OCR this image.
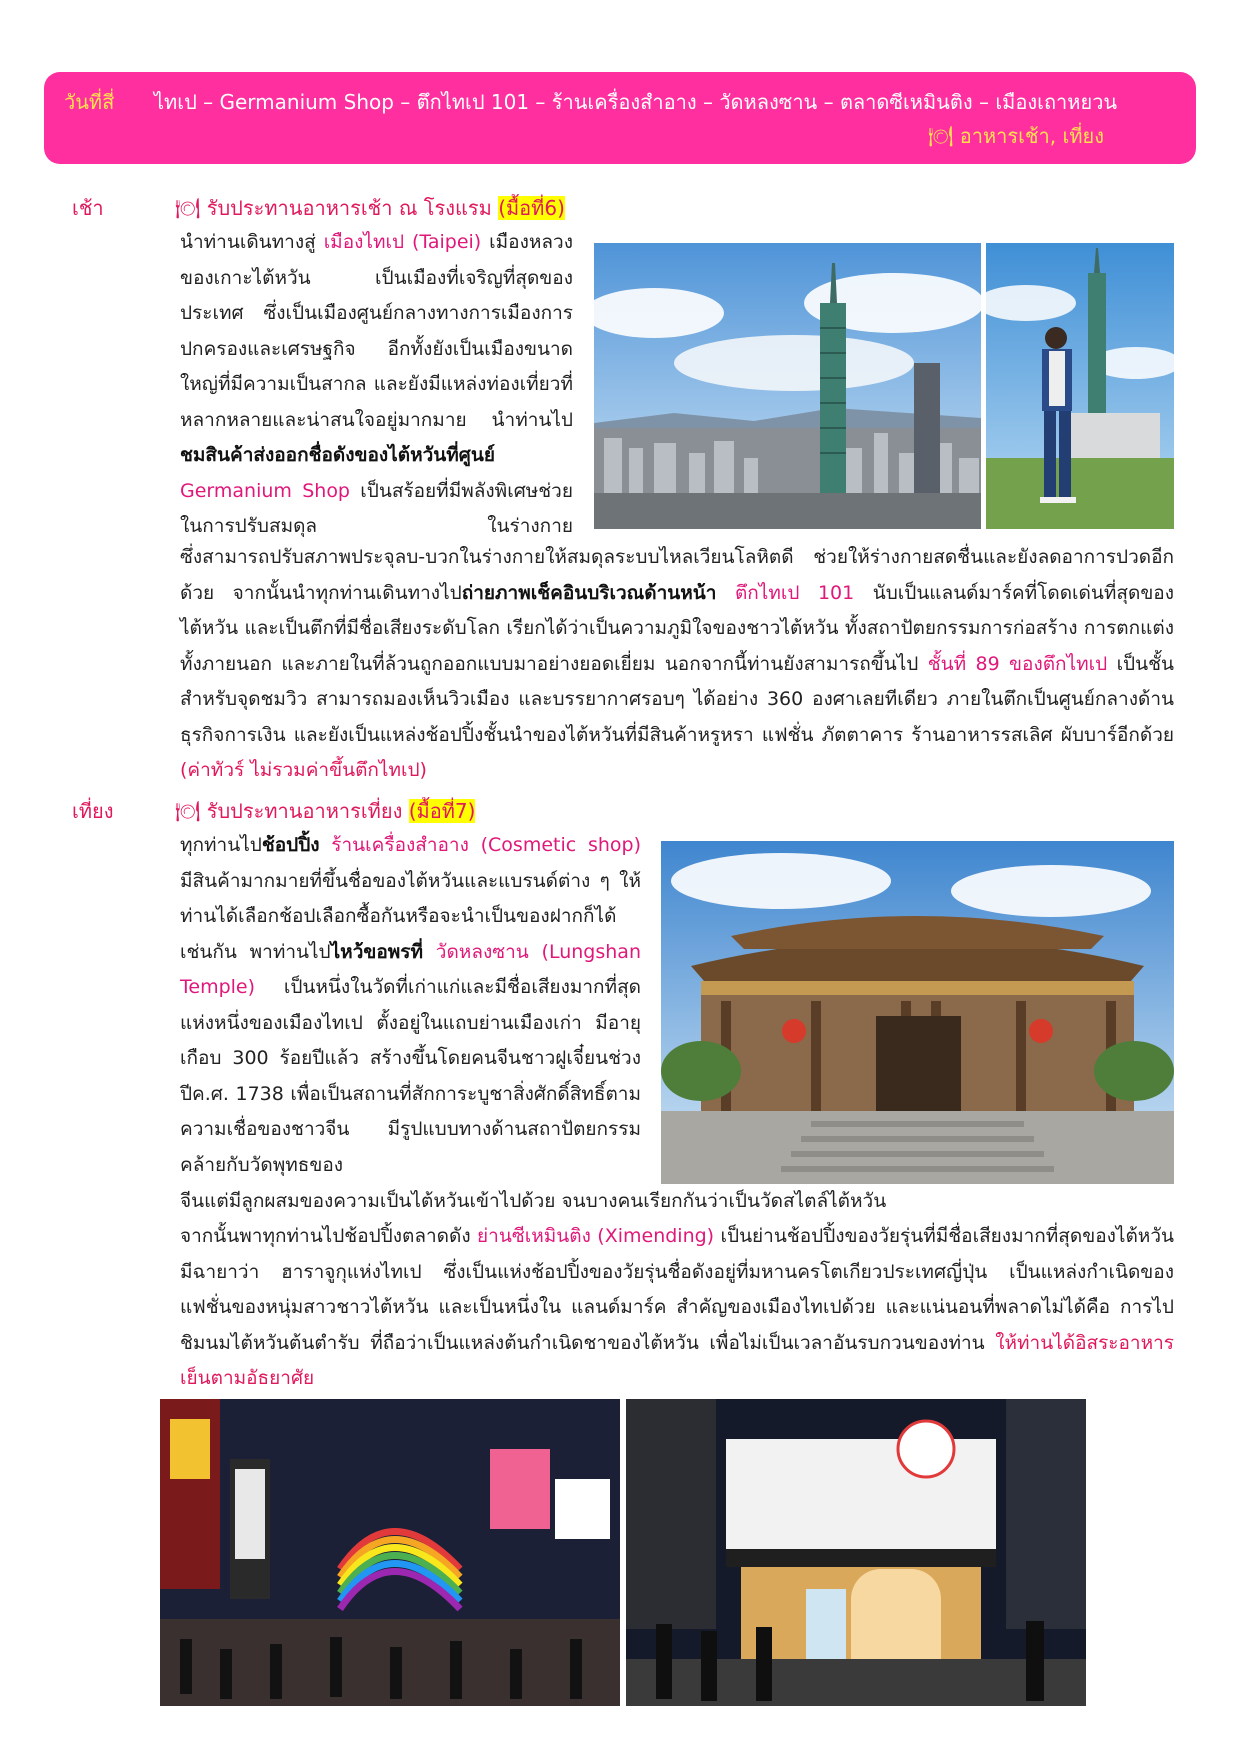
วันที่สี่ ไทเป – Germanium Shop – ตึกไทเป 101 – ร้านเครื่องสำอาง – วัดหลงซาน – ตลาดซีเหมินติง – เมืองเถาหยวน
🍽 อาหารเช้า, เที่ยง
เช้า	🍽 รับประทานอาหารเช้า ณ โรงแรม (มื้อที่6)
นำท่านเดินทางสู่ เมืองไทเป (Taipei) เมืองหลวงของเกาะไต้หวัน เป็นเมืองที่เจริญที่สุดของประเทศ ซึ่งเป็นเมืองศูนย์กลางทางการเมืองการปกครองและเศรษฐกิจ อีกทั้งยังเป็นเมืองขนาดใหญ่ที่มีความเป็นสากล และยังมีแหล่งท่องเที่ยวที่หลากหลายและน่าสนใจอยู่มากมาย นำท่านไปชมสินค้าส่งออกชื่อดังของไต้หวันที่ศูนย์ Germanium Shop เป็นสร้อยที่มีพลังพิเศษช่วยในการปรับสมดุล ในร่างกาย
ซึ่งสามารถปรับสภาพประจุลบ-บวกในร่างกายให้สมดุลระบบไหลเวียนโลหิตดี ช่วยให้ร่างกายสดชื่นและยังลดอาการปวดอีกด้วย จากนั้นนำทุกท่านเดินทางไปถ่ายภาพเช็คอินบริเวณด้านหน้า ตึกไทเป 101 นับเป็นแลนด์มาร์คที่โดดเด่นที่สุดของไต้หวัน และเป็นตึกที่มีชื่อเสียงระดับโลก เรียกได้ว่าเป็นความภูมิใจของชาวไต้หวัน ทั้งสถาปัตยกรรมการก่อสร้าง การตกแต่งทั้งภายนอก และภายในที่ล้วนถูกออกแบบมาอย่างยอดเยี่ยม นอกจากนี้ท่านยังสามารถขึ้นไป ชั้นที่ 89 ของตึกไทเป เป็นชั้นสำหรับจุดชมวิว สามารถมองเห็นวิวเมือง และบรรยากาศรอบๆ ได้อย่าง 360 องศาเลยทีเดียว ภายในตึกเป็นศูนย์กลางด้านธุรกิจการเงิน และยังเป็นแหล่งช้อปปิ้งชั้นนำของไต้หวันที่มีสินค้าหรูหรา แฟชั่น ภัตตาคาร ร้านอาหารรสเลิศ ผับบาร์อีกด้วย (ค่าทัวร์ ไม่รวมค่าขึ้นตึกไทเป)
เที่ยง	🍽 รับประทานอาหารเที่ยง (มื้อที่7)
ทุกท่านไปช้อปปิ้ง ร้านเครื่องสำอาง (Cosmetic shop) มีสินค้ามากมายที่ขึ้นชื่อของไต้หวันและแบรนด์ต่าง ๆ ให้ท่านได้เลือกช้อปเลือกซื้อกันหรือจะนำเป็นของฝากก็ได้เช่นกัน พาท่านไปไหว้ขอพรที่ วัดหลงซาน (Lungshan Temple) เป็นหนึ่งในวัดที่เก่าแก่และมีชื่อเสียงมากที่สุดแห่งหนึ่งของเมืองไทเป ตั้งอยู่ในแถบย่านเมืองเก่า มีอายุเกือบ 300 ร้อยปีแล้ว สร้างขึ้นโดยคนจีนชาวฝูเจี๋ยนช่วงปีค.ศ. 1738 เพื่อเป็นสถานที่สักการะบูชาสิ่งศักดิ์สิทธิ์ตามความเชื่อของชาวจีน มีรูปแบบทางด้านสถาปัตยกรรมคล้ายกับวัดพุทธของ
จีนแต่มีลูกผสมของความเป็นไต้หวันเข้าไปด้วย จนบางคนเรียกกันว่าเป็นวัดสไตล์ไต้หวัน
จากนั้นพาทุกท่านไปช้อปปิ้งตลาดดัง ย่านซีเหมินติง (Ximending) เป็นย่านช้อปปิ้งของวัยรุ่นที่มีชื่อเสียงมากที่สุดของไต้หวัน มีฉายาว่า ฮาราจูกุแห่งไทเป ซึ่งเป็นแห่งช้อปปิ้งของวัยรุ่นชื่อดังอยู่ที่มหานครโตเกียวประเทศญี่ปุ่น เป็นแหล่งกำเนิดของแฟชั่นของหนุ่มสาวชาวไต้หวัน และเป็นหนึ่งใน แลนด์มาร์ค สำคัญของเมืองไทเปด้วย และแน่นอนที่พลาดไม่ได้คือ การไปชิมนมไต้หวันต้นตำรับ ที่ถือว่าเป็นแหล่งต้นกำเนิดชาของไต้หวัน เพื่อไม่เป็นเวลาอันรบกวนของท่าน ให้ท่านได้อิสระอาหารเย็นตามอัธยาศัย
